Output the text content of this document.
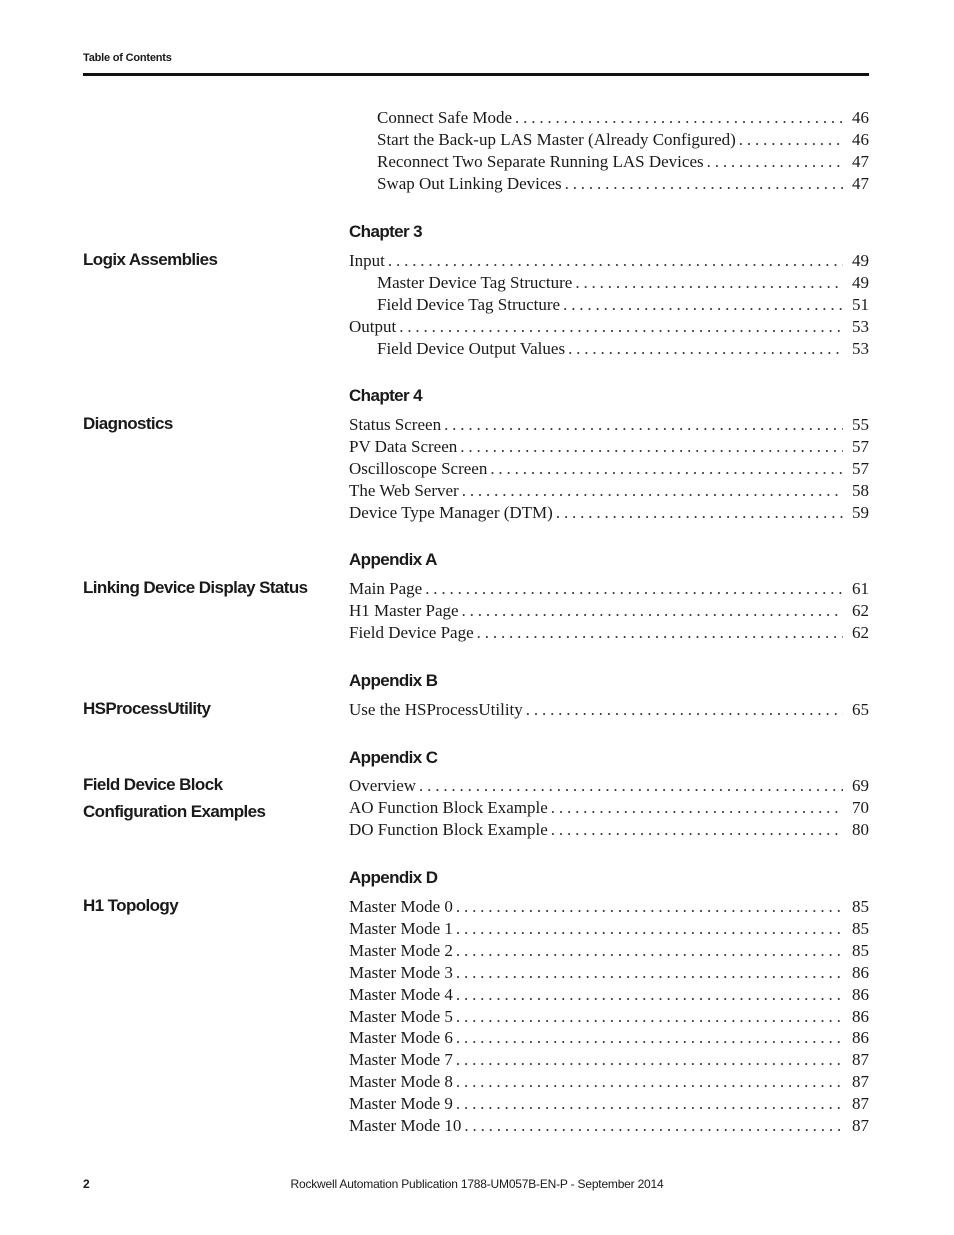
Table of Contents
Connect Safe Mode . . .	46
Start the Back-up LAS Master (Already Configured) . . .	46
Reconnect Two Separate Running LAS Devices . . .	47
Swap Out Linking Devices . . .	47
Chapter 3
Logix Assemblies	Input . . .	49
Master Device Tag Structure . . .	49
Field Device Tag Structure . . .	51
Output . . .	53
Field Device Output Values . . .	53
Chapter 4
Diagnostics	Status Screen . . .	55
PV Data Screen . . .	57
Oscilloscope Screen . . .	57
The Web Server . . .	58
Device Type Manager (DTM) . . .	59
Appendix A
Linking Device Display Status	Main Page . . .	61
H1 Master Page . . .	62
Field Device Page . . .	62
Appendix B
HSProcessUtility	Use the HSProcessUtility . . .	65
Appendix C
Field Device Block Configuration Examples
Overview . . .	69
AO Function Block Example . . .	70
DO Function Block Example . . .	80
Appendix D
H1 Topology	Master Mode 0 . . .	85
Master Mode 1 . . .	85
Master Mode 2 . . .	85
Master Mode 3 . . .	86
Master Mode 4 . . .	86
Master Mode 5 . . .	86
Master Mode 6 . . .	86
Master Mode 7 . . .	87
Master Mode 8 . . .	87
Master Mode 9 . . .	87
Master Mode 10 . . .	87
2	Rockwell Automation Publication 1788-UM057B-EN-P - September 2014
